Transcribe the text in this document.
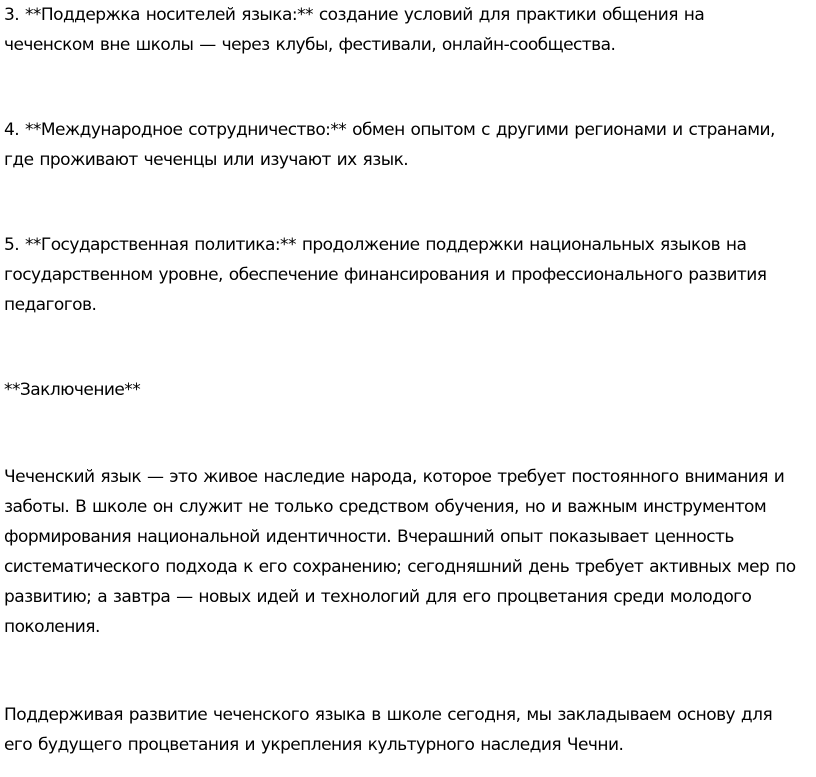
3. **Поддержка носителей языка:** создание условий для практики общения на
чеченском вне школы — через клубы, фестивали, онлайн-сообщества.

4. **Международное сотрудничество:** обмен опытом с другими регионами и странами,
где проживают чеченцы или изучают их язык.

5. **Государственная политика:** продолжение поддержки национальных языков на
государственном уровне, обеспечение финансирования и профессионального развития
педагогов.

**Заключение**

Чеченский язык — это живое наследие народа, которое требует постоянного внимания и
заботы. В школе он служит не только средством обучения, но и важным инструментом
формирования национальной идентичности. Вчерашний опыт показывает ценность
систематического подхода к его сохранению; сегодняшний день требует активных мер по
развитию; а завтра — новых идей и технологий для его процветания среди молодого
поколения.

Поддерживая развитие чеченского языка в школе сегодня, мы закладываем основу для
его будущего процветания и укрепления культурного наследия Чечни.
